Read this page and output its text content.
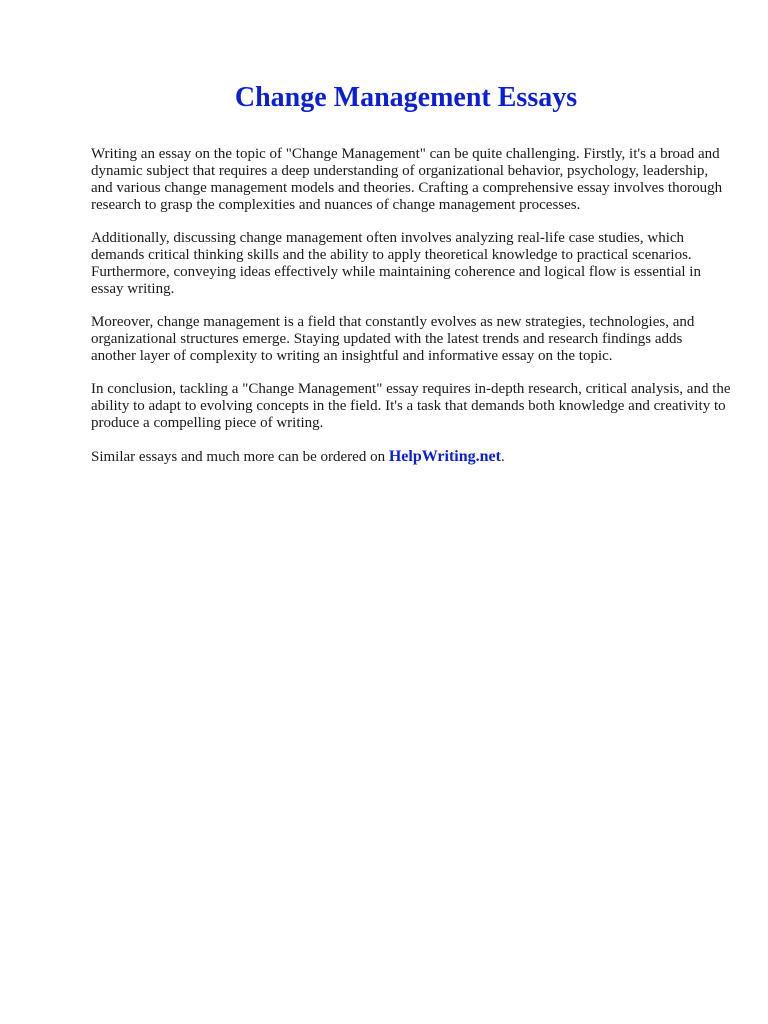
Change Management Essays

Writing an essay on the topic of "Change Management" can be quite challenging. Firstly, it's a broad and dynamic subject that requires a deep understanding of organizational behavior, psychology, leadership, and various change management models and theories. Crafting a comprehensive essay involves thorough research to grasp the complexities and nuances of change management processes.

Additionally, discussing change management often involves analyzing real-life case studies, which demands critical thinking skills and the ability to apply theoretical knowledge to practical scenarios. Furthermore, conveying ideas effectively while maintaining coherence and logical flow is essential in essay writing.

Moreover, change management is a field that constantly evolves as new strategies, technologies, and organizational structures emerge. Staying updated with the latest trends and research findings adds another layer of complexity to writing an insightful and informative essay on the topic.

In conclusion, tackling a "Change Management" essay requires in-depth research, critical analysis, and the ability to adapt to evolving concepts in the field. It's a task that demands both knowledge and creativity to produce a compelling piece of writing.

Similar essays and much more can be ordered on HelpWriting.net.
